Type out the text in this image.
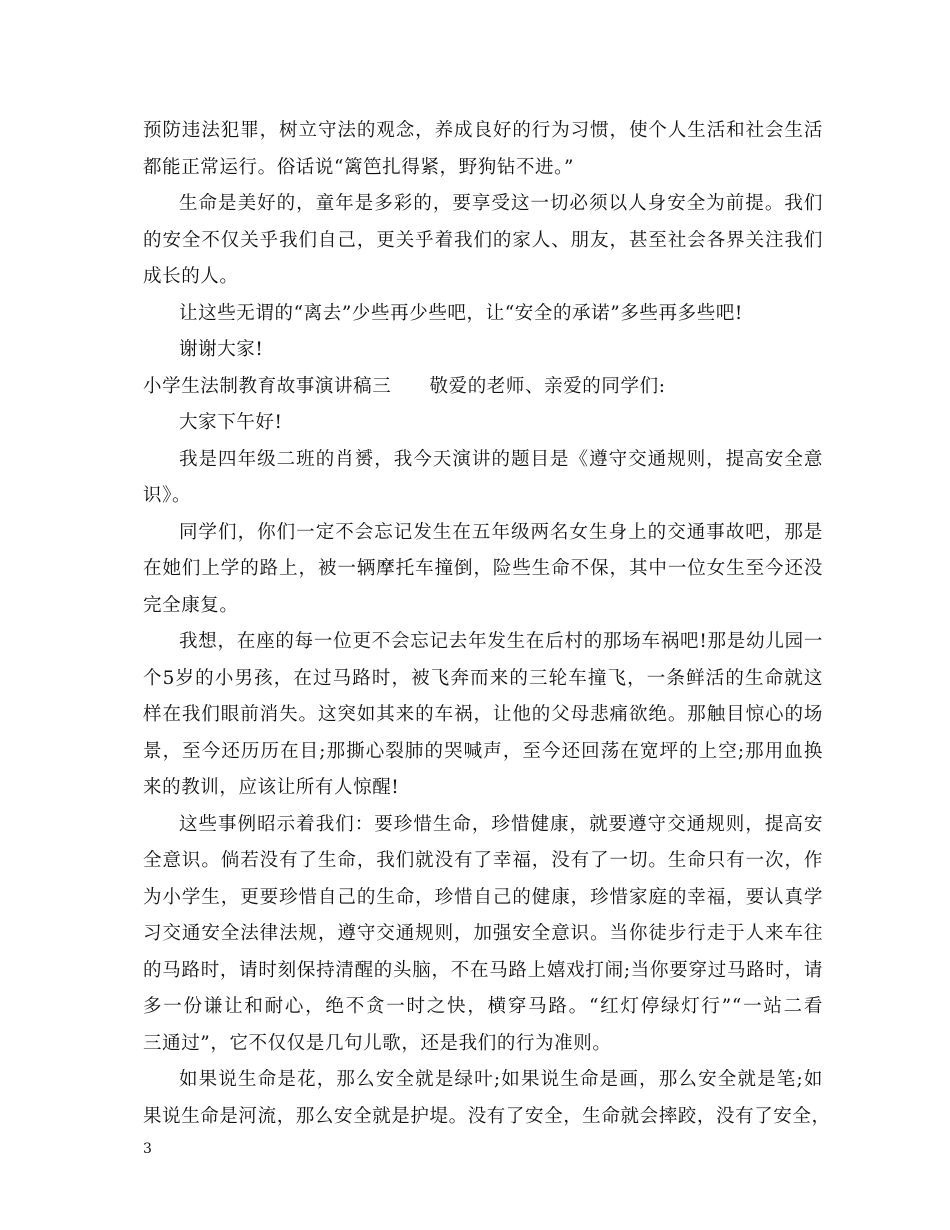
预防违法犯罪，树立守法的观念，养成良好的行为习惯，使个人生活和社会生活
都能正常运行。俗话说“篱笆扎得紧，野狗钻不进。”
生命是美好的，童年是多彩的，要享受这一切必须以人身安全为前提。我们
的安全不仅关乎我们自己，更关乎着我们的家人、朋友，甚至社会各界关注我们
成长的人。
让这些无谓的“离去”少些再少些吧，让“安全的承诺”多些再多些吧!
谢谢大家!
小学生法制教育故事演讲稿三　　敬爱的老师、亲爱的同学们:
大家下午好!
我是四年级二班的肖赟，我今天演讲的题目是《遵守交通规则，提高安全意
识》。
同学们，你们一定不会忘记发生在五年级两名女生身上的交通事故吧，那是
在她们上学的路上，被一辆摩托车撞倒，险些生命不保，其中一位女生至今还没
完全康复。
我想，在座的每一位更不会忘记去年发生在后村的那场车祸吧!那是幼儿园一
个5岁的小男孩，在过马路时，被飞奔而来的三轮车撞飞，一条鲜活的生命就这
样在我们眼前消失。这突如其来的车祸，让他的父母悲痛欲绝。那触目惊心的场
景，至今还历历在目;那撕心裂肺的哭喊声，至今还回荡在宽坪的上空;那用血换
来的教训，应该让所有人惊醒!
这些事例昭示着我们：要珍惜生命，珍惜健康，就要遵守交通规则，提高安
全意识。倘若没有了生命，我们就没有了幸福，没有了一切。生命只有一次，作
为小学生，更要珍惜自己的生命，珍惜自己的健康，珍惜家庭的幸福，要认真学
习交通安全法律法规，遵守交通规则，加强安全意识。当你徒步行走于人来车往
的马路时，请时刻保持清醒的头脑，不在马路上嬉戏打闹;当你要穿过马路时，请
多一份谦让和耐心，绝不贪一时之快，横穿马路。“红灯停绿灯行”“一站二看
三通过”，它不仅仅是几句儿歌，还是我们的行为准则。
如果说生命是花，那么安全就是绿叶;如果说生命是画，那么安全就是笔;如
果说生命是河流，那么安全就是护堤。没有了安全，生命就会摔跤，没有了安全，
3
